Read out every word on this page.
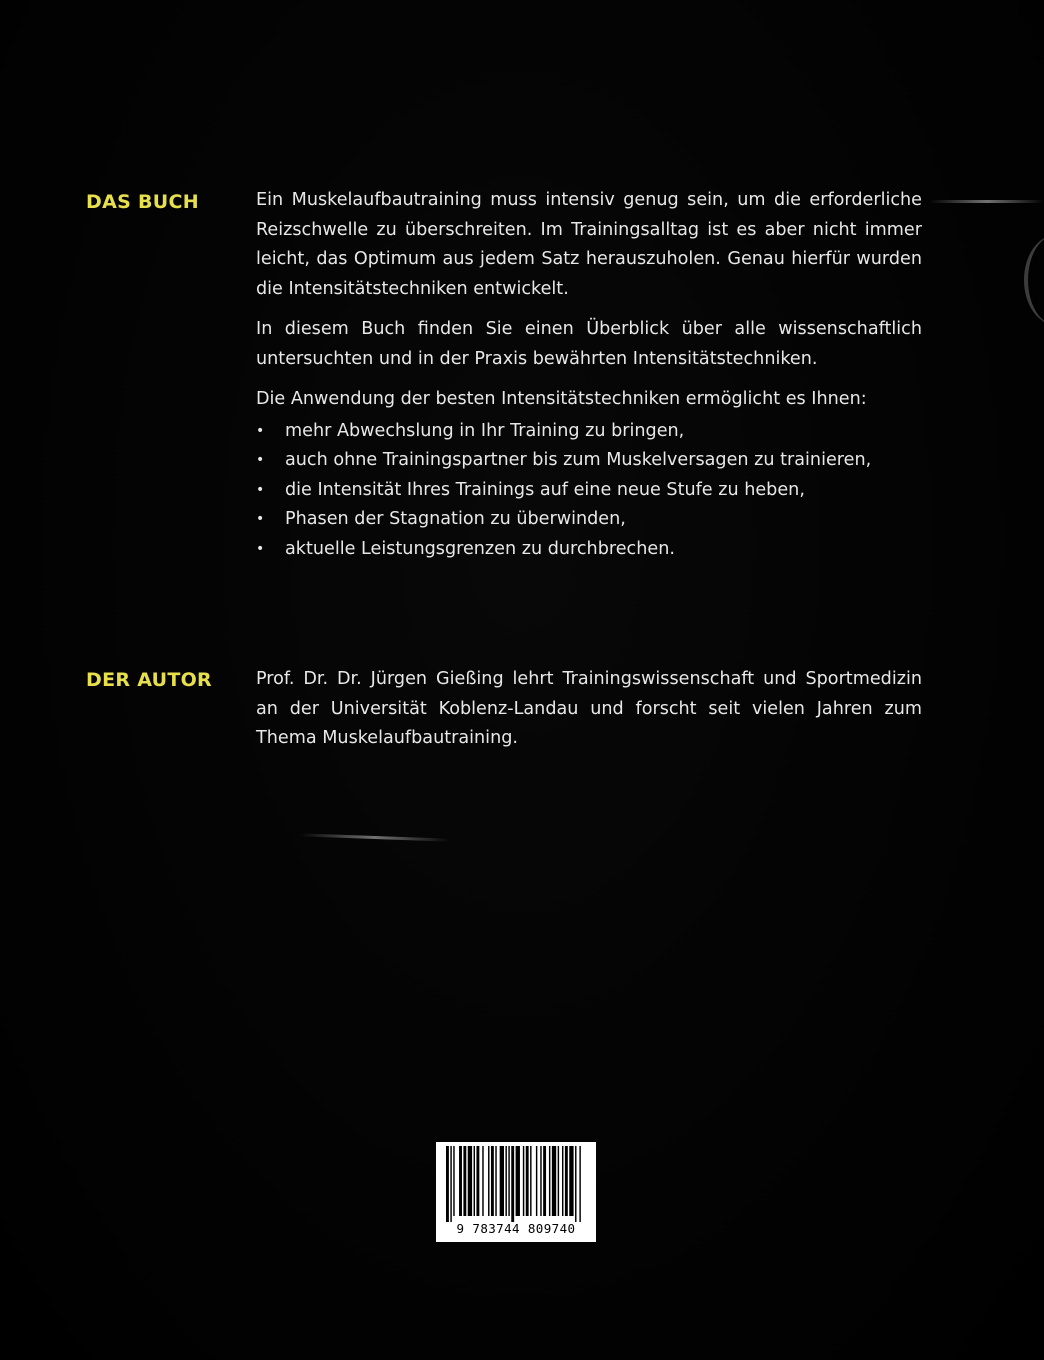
DAS BUCH	Ein Muskelaufbautraining muss intensiv genug sein, um die erforderliche Reizschwelle zu überschreiten. Im Trainingsalltag ist es aber nicht immer leicht, das Optimum aus jedem Satz herauszuholen. Genau hierfür wurden die Intensitätstechniken entwickelt.

In diesem Buch finden Sie einen Überblick über alle wissenschaftlich untersuchten und in der Praxis bewährten Intensitätstechniken.

Die Anwendung der besten Intensitätstechniken ermöglicht es Ihnen:

• mehr Abwechslung in Ihr Training zu bringen,
• auch ohne Trainingspartner bis zum Muskelversagen zu trainieren,
• die Intensität Ihres Trainings auf eine neue Stufe zu heben,
• Phasen der Stagnation zu überwinden,
• aktuelle Leistungsgrenzen zu durchbrechen.
DER AUTOR	Prof. Dr. Dr. Jürgen Gießing lehrt Trainingswissenschaft und Sportmedizin an der Universität Koblenz-Landau und forscht seit vielen Jahren zum Thema Muskelaufbautraining.

9 783744 809740
